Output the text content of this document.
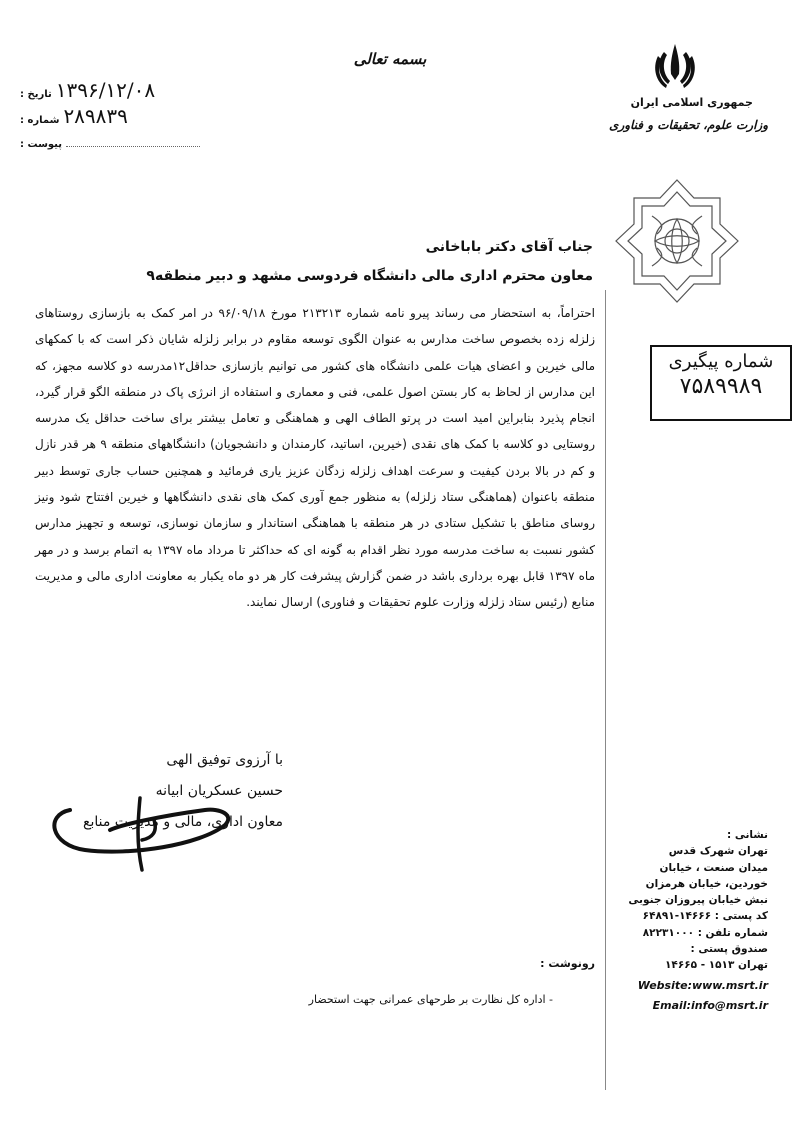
بسمه تعالی
جمهوری اسلامی ایران
وزارت علوم، تحقیقات و فناوری
تاریخ : ۱۳۹۶/۱۲/۰۸
شماره : ۲۸۹۸۳۹
پیوست :
جناب آقای دکتر باباخانی
معاون محترم اداری مالی دانشگاه فردوسی مشهد و دبیر منطقه۹
احتراماً، به استحضار می رساند پیرو نامه شماره ۲۱۳۲۱۳ مورخ ۹۶/۰۹/۱۸ در امر کمک به بازسازی روستاهای زلزله زده بخصوص ساخت مدارس به عنوان الگوی توسعه مقاوم در برابر زلزله شایان ذکر است که با کمکهای مالی خیرین و اعضای هیات علمی دانشگاه های کشور می توانیم بازسازی حداقل۱۲مدرسه دو کلاسه مجهز، که این مدارس از لحاظ به کار بستن اصول علمی، فنی و معماری و استفاده از انرژی پاک در منطقه الگو قرار گیرد، انجام پذیرد بنابراین امید است در پرتو الطاف الهی و هماهنگی و تعامل بیشتر برای ساخت حداقل یک مدرسه روستایی دو کلاسه با کمک های نقدی (خیرین، اساتید، کارمندان و دانشجویان) دانشگاههای منطقه ۹ هر قدر نازل و کم در بالا بردن کیفیت و سرعت اهداف زلزله زدگان عزیز یاری فرمائید و همچنین حساب جاری توسط دبیر منطقه باعنوان (هماهنگی ستاد زلزله) به منظور جمع آوری کمک های نقدی دانشگاهها و خیرین افتتاح شود ونیز روسای مناطق با تشکیل ستادی در هر منطقه با هماهنگی استاندار و سازمان نوسازی، توسعه و تجهیز مدارس کشور نسبت به ساخت مدرسه مورد نظر اقدام به گونه ای که حداکثر تا مرداد ماه ۱۳۹۷ به اتمام برسد و در مهر ماه ۱۳۹۷ قابل بهره برداری باشد در ضمن گزارش پیشرفت کار هر دو ماه یکبار به معاونت اداری مالی و مدیریت منابع (رئیس ستاد زلزله وزارت علوم تحقیقات و فناوری) ارسال نمایند.
شماره پیگیری
۷۵۸۹۹۸۹
با آرزوی توفیق الهی
حسین عسکریان ابیانه
معاون اداری، مالی و مدیریت منابع
نشانی :
تهران شهرک قدس
میدان صنعت ، خیابان
خوردین، خیابان هرمزان
نبش خیابان پیروزان جنوبی
کد پستی : ۱۴۶۶۶-۶۴۸۹۱
شماره تلفن : ۸۲۲۳۱۰۰۰
صندوق پستی :
تهران ۱۵۱۳ - ۱۴۶۶۵
Website:www.msrt.ir
Email:info@msrt.ir
رونوشت :
- اداره کل نظارت بر طرحهای عمرانی جهت استحضار
